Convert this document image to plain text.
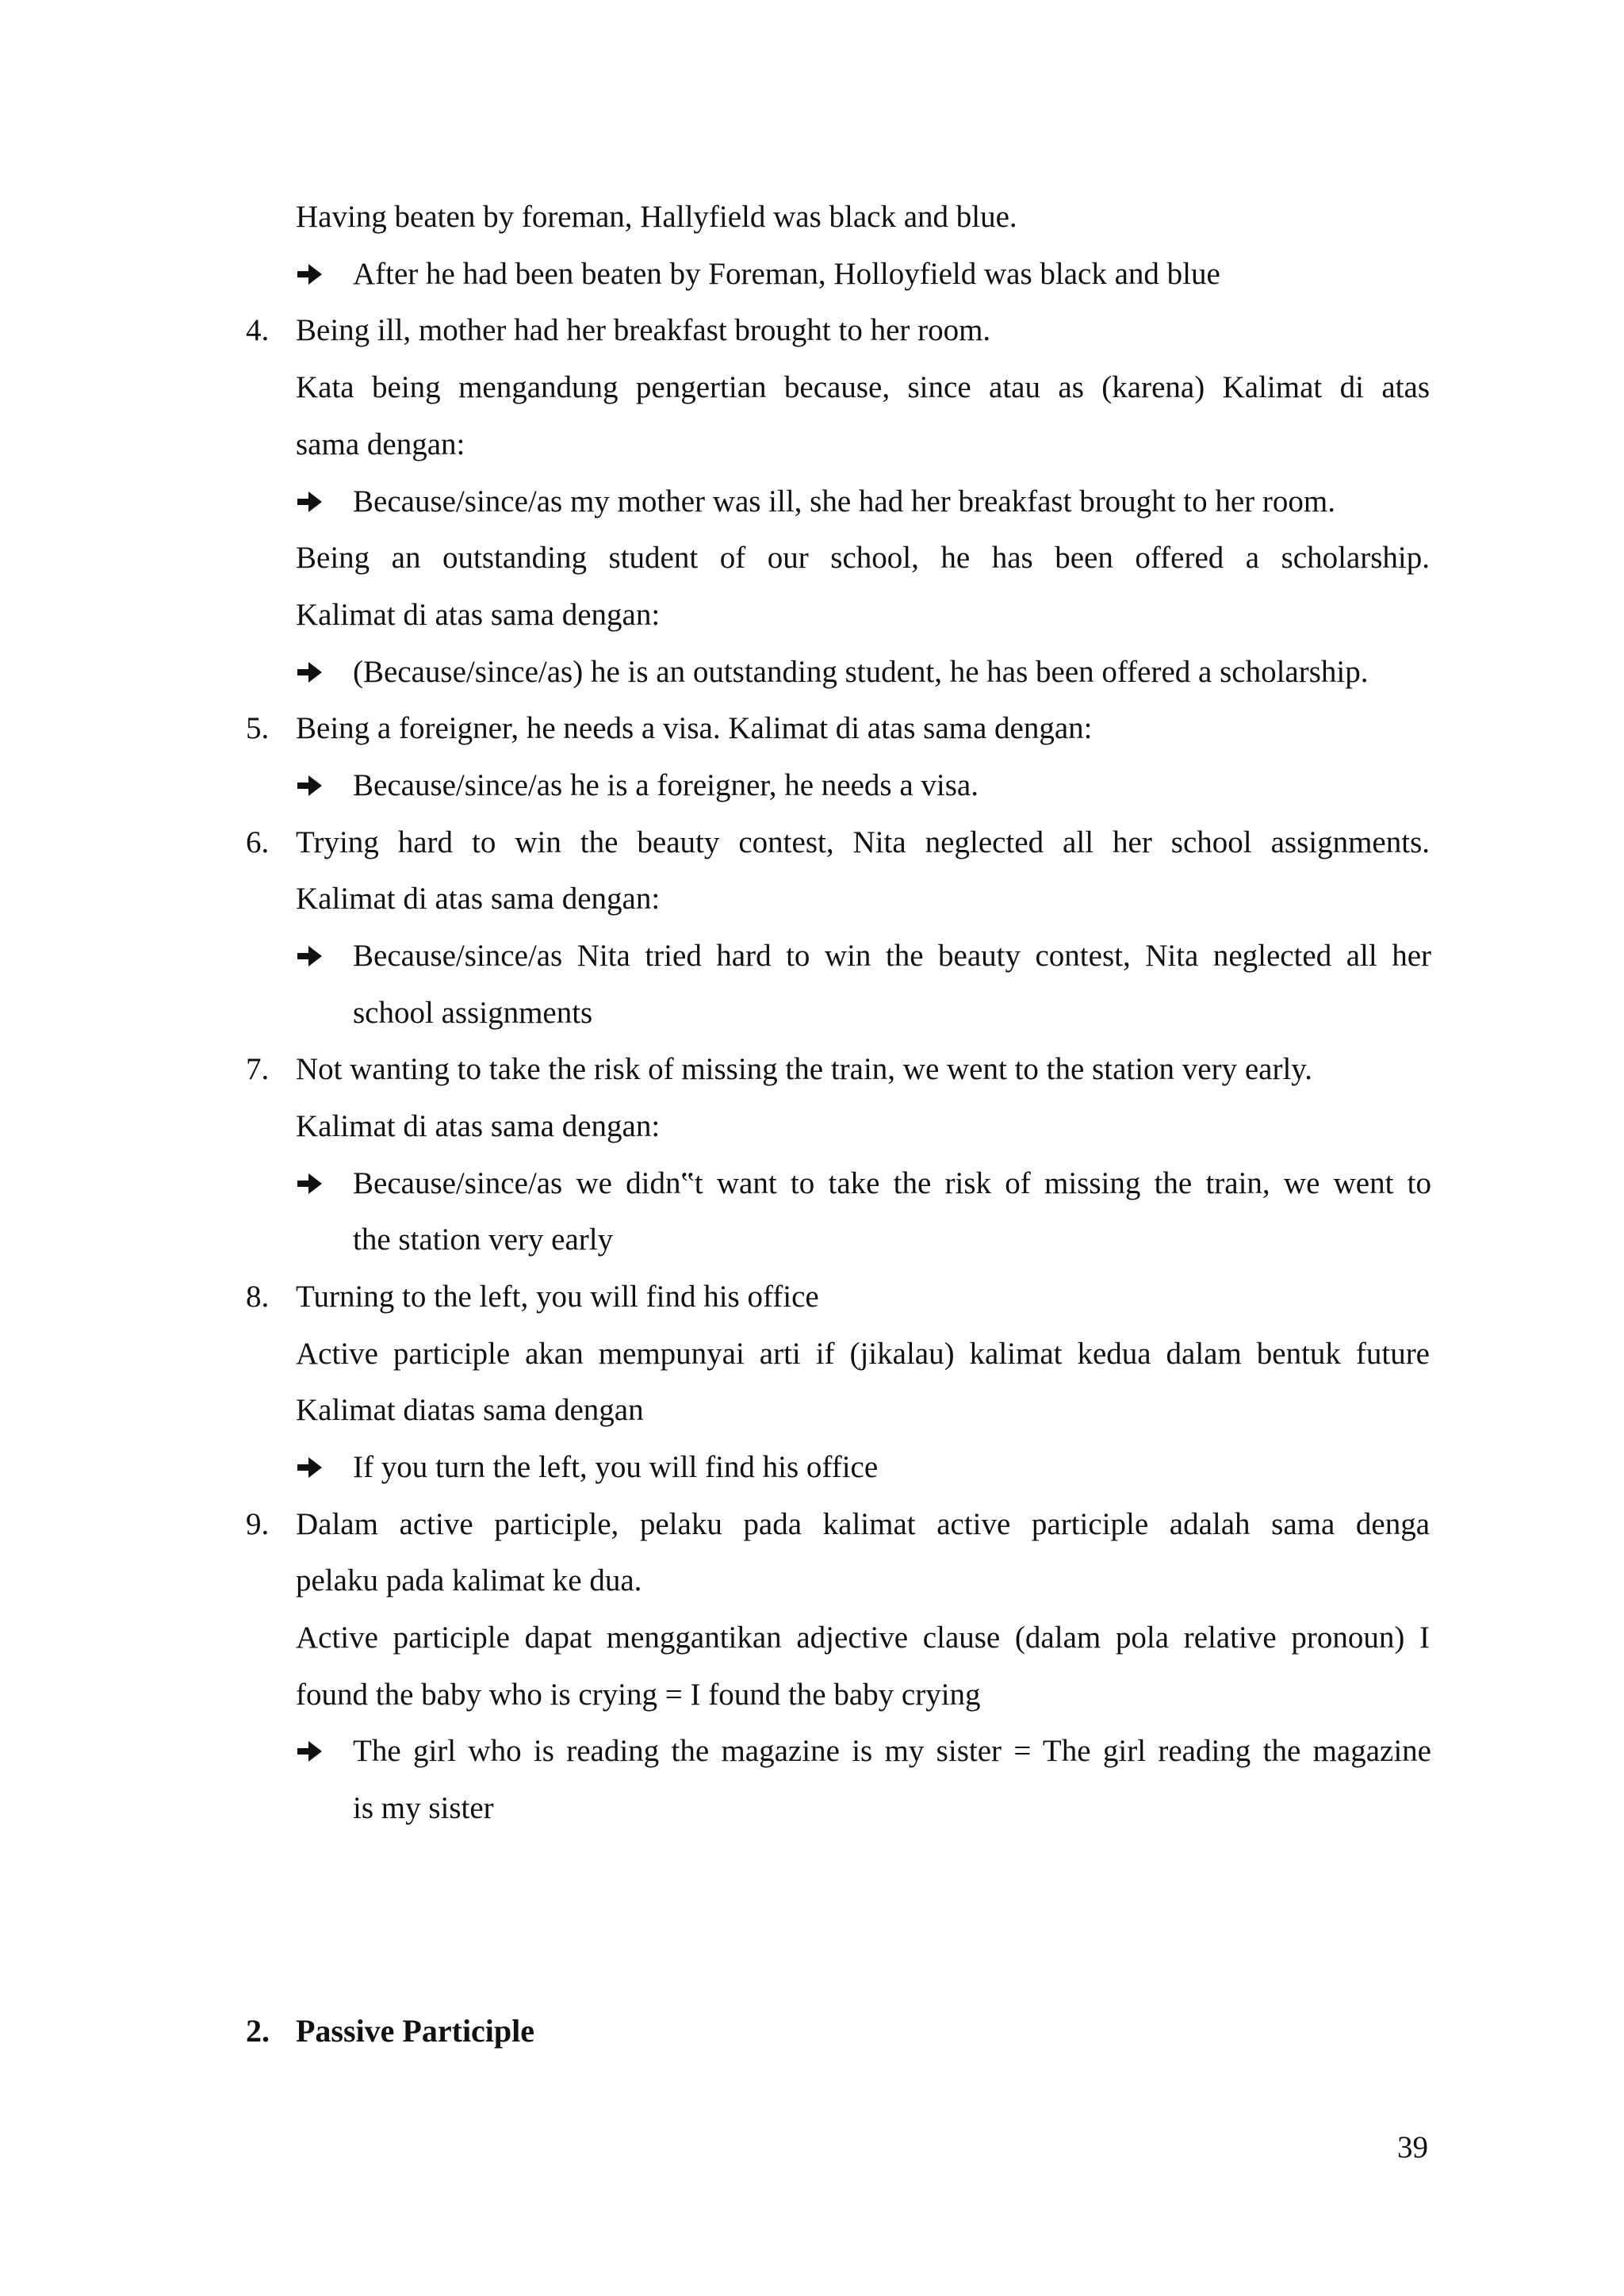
Having beaten by foreman, Hallyfield was black and blue.
After he had been beaten by Foreman, Holloyfield was black and blue
4. Being ill, mother had her breakfast brought to her room.
Kata being mengandung pengertian because, since atau as (karena) Kalimat di atas
sama dengan:
Because/since/as my mother was ill, she had her breakfast brought to her room.
Being an outstanding student of our school, he has been offered a scholarship.
Kalimat di atas sama dengan:
(Because/since/as) he is an outstanding student, he has been offered a scholarship.
5. Being a foreigner, he needs a visa. Kalimat di atas sama dengan:
Because/since/as he is a foreigner, he needs a visa.
6. Trying hard to win the beauty contest, Nita neglected all her school assignments.
Kalimat di atas sama dengan:
Because/since/as Nita tried hard to win the beauty contest, Nita neglected all her
school assignments
7. Not wanting to take the risk of missing the train, we went to the station very early.
Kalimat di atas sama dengan:
Because/since/as we didn‟t want to take the risk of missing the train, we went to
the station very early
8. Turning to the left, you will find his office
Active participle akan mempunyai arti if (jikalau) kalimat kedua dalam bentuk future
Kalimat diatas sama dengan
If you turn the left, you will find his office
9. Dalam active participle, pelaku pada kalimat active participle adalah sama denga
pelaku pada kalimat ke dua.
Active participle dapat menggantikan adjective clause (dalam pola relative pronoun) I
found the baby who is crying = I found the baby crying
The girl who is reading the magazine is my sister = The girl reading the magazine
is my sister
2. Passive Participle
39
